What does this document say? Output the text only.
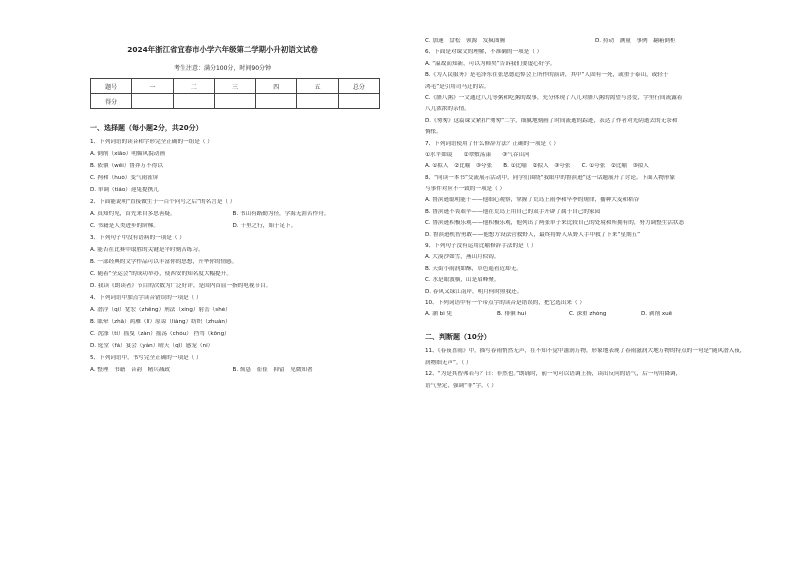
2024年浙江省宜春市小学六年级第二学期小升初语文试卷
考生注意：满分100分，时间90分钟
题号	一	二	三	四	五	总分
得分						
一、选择题（每小题2分，共20分）
1、下列词语的读音和字形完全正确的一组是（ ）
A. 倒削（xiāo）明媚风貌动画
B. 依偎（wēi）鲁莽万不得以
C. 拘和（huò）变气雨雀屏
D. 单调（tiáo）迎兔提携儿
2、下面能说明“直接做生于一百个问号之后”的名言是（ ）
A. 真知灼见，首先来自多思善疑。	B. 书山有路勤为径，学海无涯苦作舟。
C. 书籍是人类进步的阶梯。	D. 千里之行，始于足下。
3、下列句子中没有语病的一项是（ ）
A. 能否在比赛中取胜的关键是平时刻苦练习。
B. 一部经典的文学作品可以丰富你的思想，升华你的情感。
C. 随着“全运会”的成功举办，使西安的知名度大幅提升。
D. 我读《朗读者》节目的次数为广泛好评，是国内首屈一指的电视节目。
4、下列词语中加点字读音错误的一项是（ ）
A. 潜浮（qí）宽宏（zhēng）刑法（xíng）射击（shè）
B. 眩晕（zhā）鸿雁（lǐ）原谅（liàng）纺织（zhuàn）
C. 洗涤（tí）摇曳（zàn）摇荡（chóu） 挡驾（kōng）
D. 庭堂（fá）宴会（yàn）晴天（qī）感宠（ní）
5、下列词语中，书写完全正确的一项是（ ）
A. 整理　书籍　音韵　精兵减政	B. 烦恳　崔崔　抑留　见微知著
C. 加速　盘松　领源　发疯图腾	D. 持动　测量　事例　翻箱倒柜
6、下面是对课文的理解，不准确的一项是（ ）
A. “温故而知新，可以为师矣”告诉我们要虚心好学。
B.《为人民服务》是毛泽东在张思德追悼会上所作的演讲，其中“人固有一死，或重于泰山，或轻于
鸿毛”是引用司马迁的话。
C.《腊八粥》一文通过八儿等粥和吃粥的故事，充分体现了八儿对腊八粥的渴望与喜爱，字里行间流露着
八儿浓浓的亲情。
D.《匆匆》这篇课文紧扣“匆匆”二字，细腻地刻画了时间流逝的踪迹，表达了作者对光阴逝去的无奈和
惆怅。
7、下列词语使用了什么修辞方法？正确的一项是（ ）
①水平如镜　　②翠敷荡漾　　③气吞山河
A. ①拟人　②比喻　③夸张　　B. ①比喻　②拟人　③夸张　　C. ①夸张　②比喻　③拟人
8、“同读一本书”交流展示活动中，同学们围绕“我眼中的鲁滨逊”这一话题展开了讨论。下面人物形象
与事件对应不一致的一项是（ ）
A. 鲁滨逊聪明能干——他细心观察，掌握了荒岛上雨季和旱季的规律，播种大麦和稻谷
B. 鲁滨逊不畏艰辛——他在荒岛上用自己的双手开辟了属于自己的家园
C. 鲁滨逊积极乐观——他积极乐观，他列出了两张单子来比较自己的处境和所拥有的，努力调整生活状态
D. 鲁滨逊机智勇敢——他想方设法营救野人，最终将野人从野人手中救了下来“星期五”
9、下列句子没有运用比喻修辞手法的是（ ）
A. 大漠沙如雪，燕山月似钩。
B. 天街小雨润如酥，草色遥看近却无。
C. 水是眼波横，山是眉峰聚。
D. 春风又绿江南岸，明月何时照我还。
10、下列词语中有一个带点字的读音是错误的，把它选出来（ ）
A. 潮 bì 免	B. 徘徊 huí	C. 深重 zhòng	D. 剥削 xuē
二、判断题（10分）
11、《春夜喜雨》中，描写春雨悄然无声，在不知不觉中滋润万物，形象地表现了春雨滋润大地万物的特点的一句是“随风潜入夜，
润物细无声”。（ ）
12、“为是其智弗若与？曰：非然也。”朗诵时，前一句可以语调上扬，读出反问的语气，后一句用降调，
语气坚定，强调“非”字。（ ）
